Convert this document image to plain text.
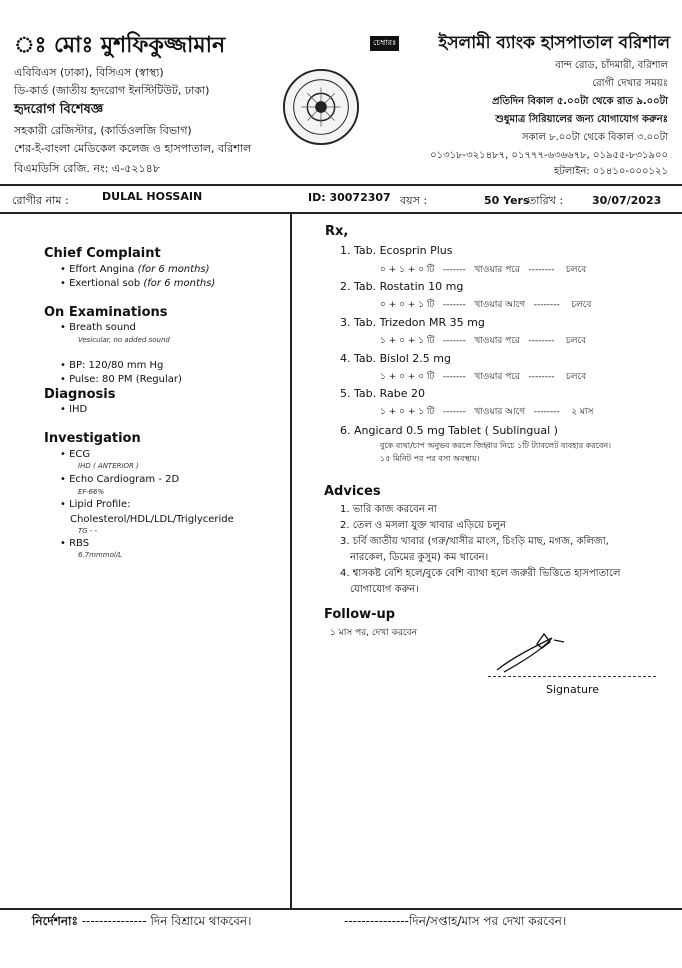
ঃ মোঃ মুশফিকুজ্জামান
এবিবিএস (ঢাকা), বিসিএস (স্বাস্থ্য)
ডি-কার্ড (জাতীয় হৃদরোগ ইনস্টিটিউট, ঢাকা)
হৃদরোগ বিশেষজ্ঞ
সহকারী রেজিস্টার, (কার্ডিওলজি বিভাগ)
শের-ই-বাংলা মেডিকেল কলেজ ও হাসপাতাল, বরিশাল
বিএমডিসি রেজি. নং: এ-৫২১৪৮
চেম্বারঃ ইসলামী ব্যাংক হাসপাতাল বরিশাল
বান্দ রোড, চাঁদমারী, বরিশাল
রোগী দেখার সময়ঃ
প্রতিদিন বিকাল ৫.০০টা থেকে রাত ৯.০০টা
শুধুমাত্র সিরিয়ালের জন্য যোগাযোগ করুনঃ
সকাল ৮.০০টা থেকে বিকাল ৩.০০টা
০১৩১৮-৩২১৪৮৭, ০১৭৭৭-৬৩৬৬৭৮, ০১৯৫৫-৮৩১৯০০
হটলাইন: ০১৪১০-০০০১২১
রোগীর নাম :	DULAL HOSSAIN	ID: 30072307 বয়স :	50 Yers
তারিখ :	30/07/2023
Chief Complaint
• Effort Angina (for 6 months)
• Exertional sob (for 6 months)
On Examinations
• Breath sound
Vesicular, no added sound
• BP: 120/80 mm Hg
• Pulse: 80 PM (Regular)
Diagnosis
• IHD
Investigation
• ECG
IHD ( ANTERIOR )
• Echo Cardiogram - 2D
EF-66%
• Lipid Profile:
Cholesterol/HDL/LDL/Triglyceride
TG - -
• RBS
6.7mmmol/L
Rx,
1. Tab. Ecosprin Plus
০ + ১ + ০ টি   -------   খাওয়ার পরে   --------    চলবে
2. Tab. Rostatin 10 mg
০ + ০ + ১ টি   -------   খাওয়ার আগে   --------    চলবে
3. Tab. Trizedon MR 35 mg
১ + ০ + ১ টি   -------   খাওয়ার পরে   --------    চলবে
4. Tab. Bislol 2.5 mg
১ + ০ + ০ টি   -------   খাওয়ার পরে   --------    চলবে
5. Tab. Rabe 20
১ + ০ + ১ টি   -------   খাওয়ার আগে   --------    ২ মাস
6. Angicard 0.5 mg Tablet ( Sublingual )
বুকে ব্যথা/চাপ অনুভব করলে জিহ্বার নিচে ১টি ট্যাবলেট ব্যবহার করবেন।
১৫ মিনিট পর পর বসা অবস্থায়।
Advices
1. ভারি কাজ করবেন না
2. তেল ও মসলা যুক্ত খাবার এড়িয়ে চলুন
3. চর্বি জাতীয় খাবার (গরু/খাসীর মাংস, চিংড়ি মাছ, মগজ, কলিজা,
নারকেল, ডিমের কুসুম) কম খাবেন।
4. শ্বাসকষ্ট বেশি হলে/বুকে বেশি ব্যাথা হলে জরুরী ভিত্তিতে হাসপাতালে
যোগাযোগ করুন।
Follow-up
১ মাস পর, দেখা করবেন
Signature
নির্দেশনাঃ --------------- দিন বিশ্রামে থাকবেন।	---------------দিন/সপ্তাহ/মাস পর দেখা করবেন।
